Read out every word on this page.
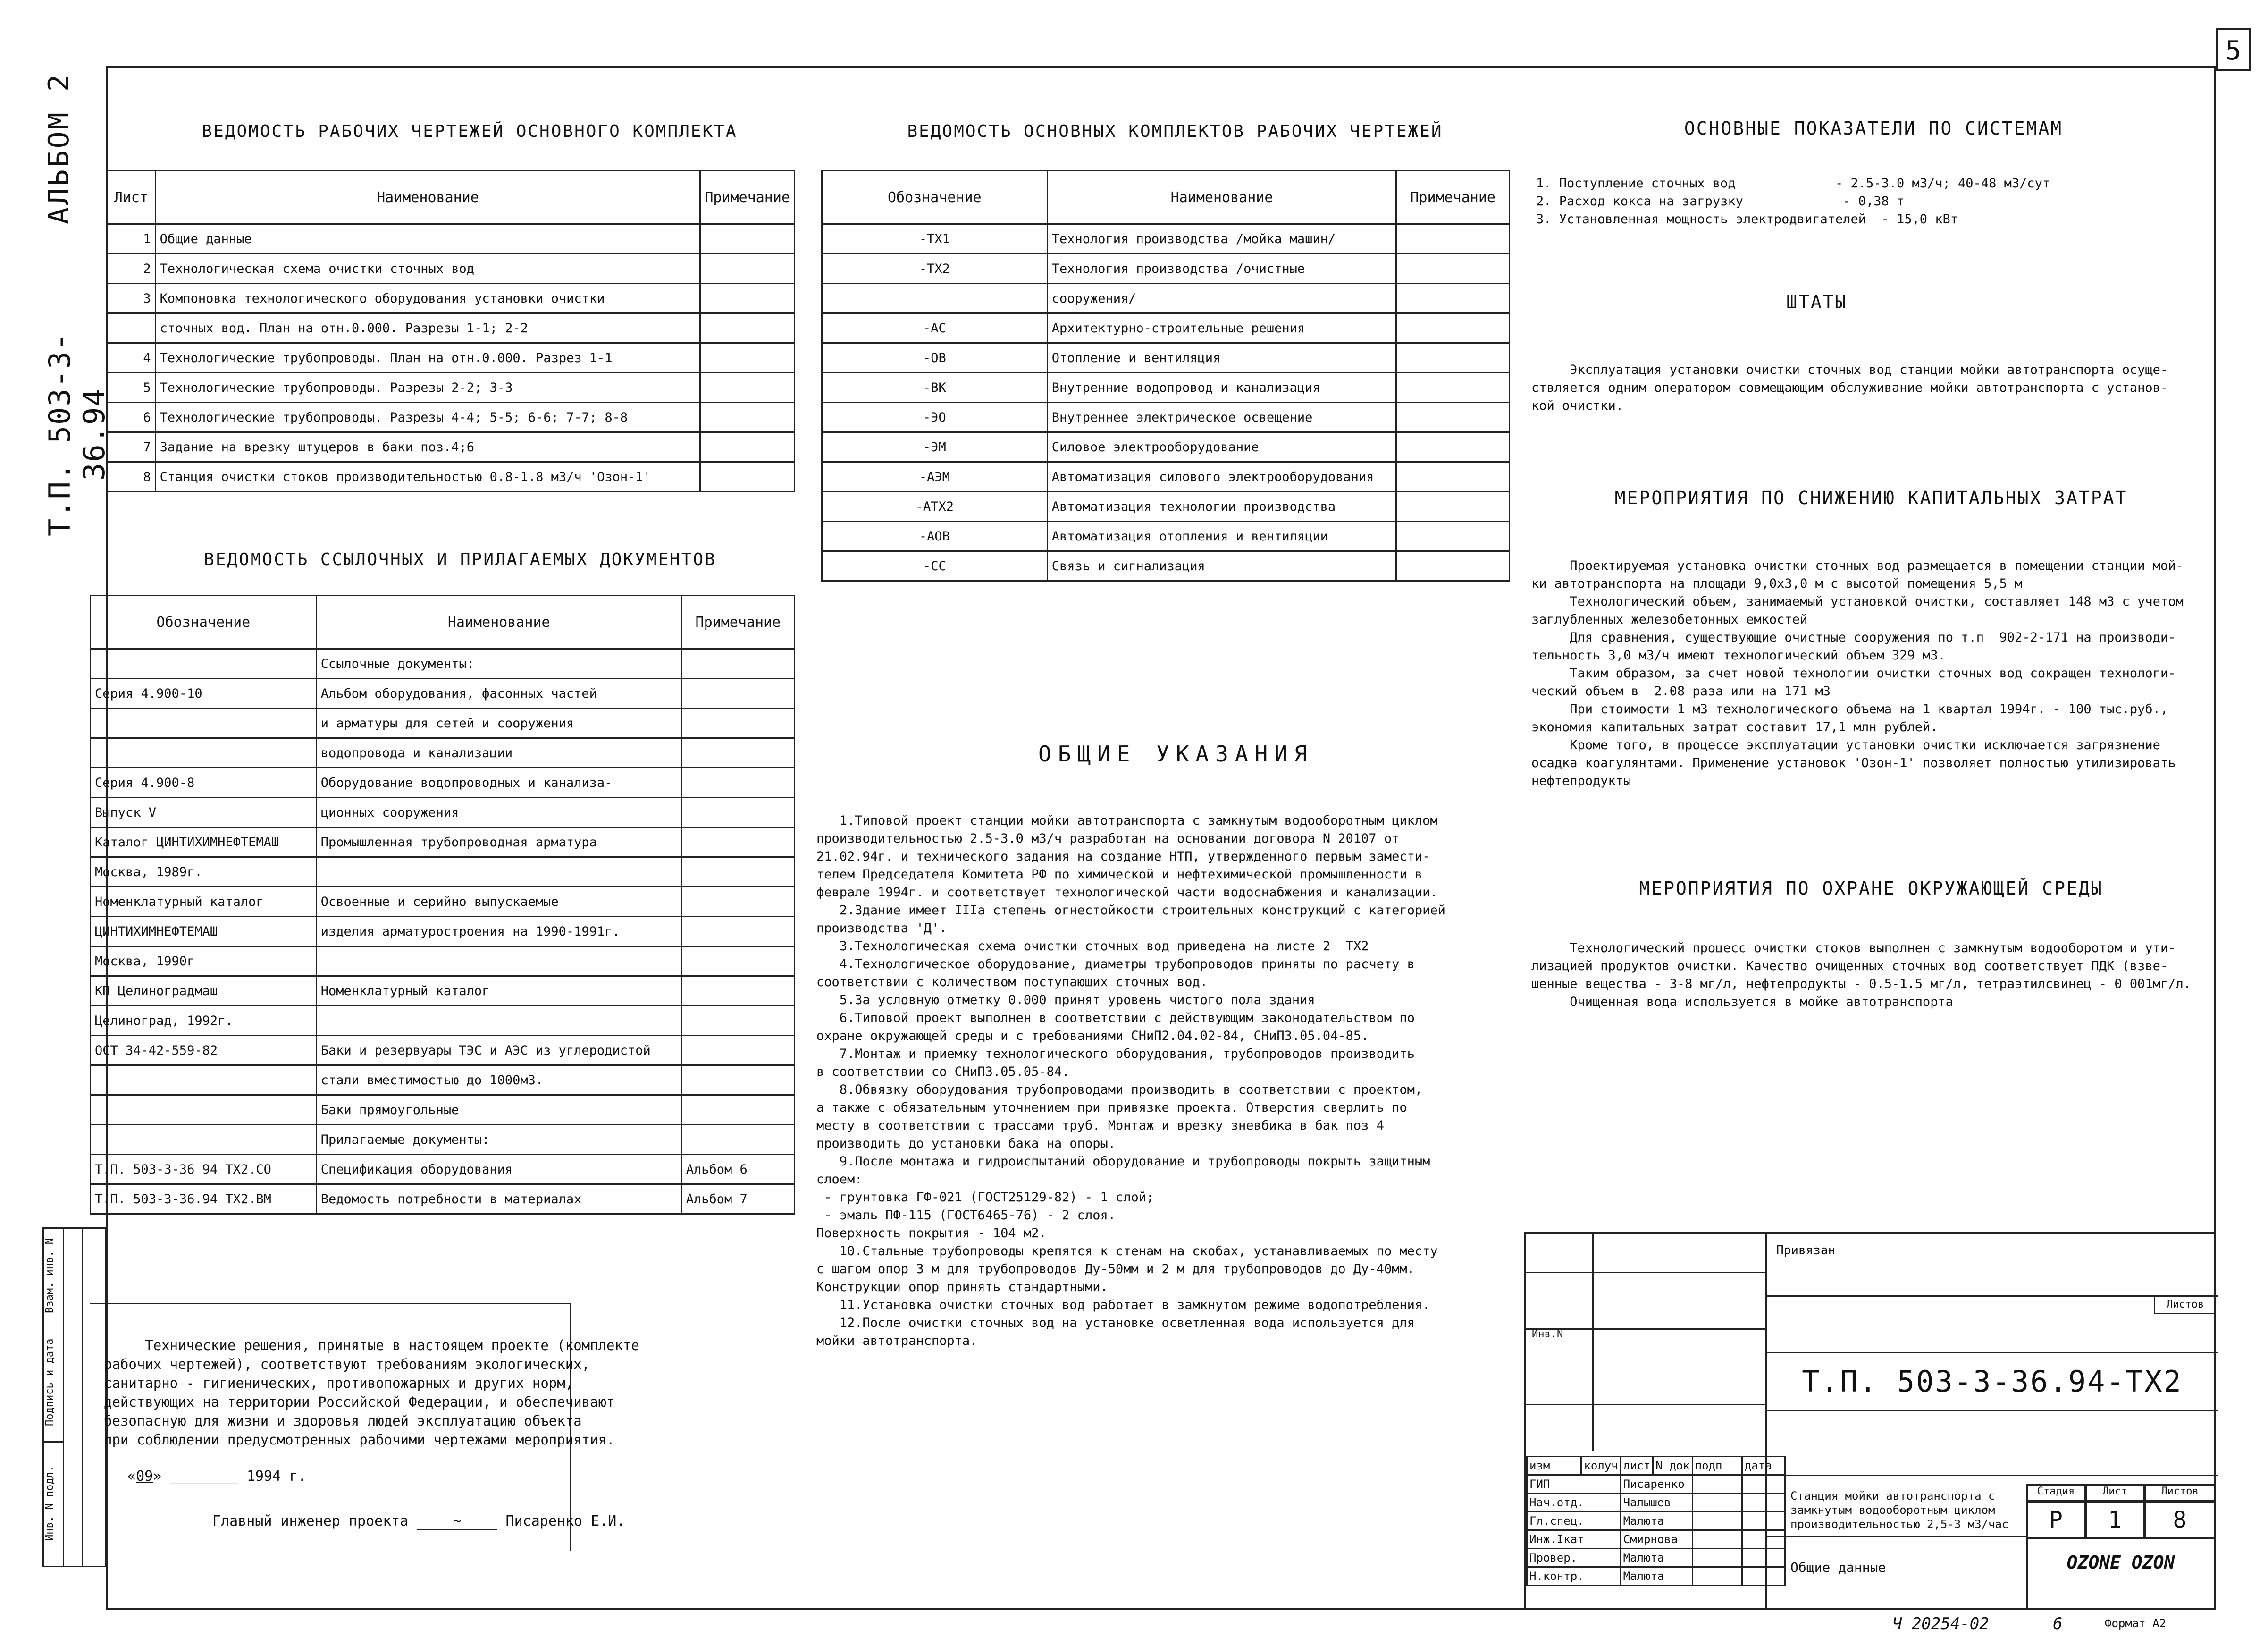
5
АЛЬБОМ 2
Т.П. 503-3-36.94
Взам. инв. N
Подпись и дата
Инв. N подл.
ВЕДОМОСТЬ РАБОЧИХ ЧЕРТЕЖЕЙ ОСНОВНОГО КОМПЛЕКТА
Лист	Наименование	Примечание
1	Общие данные	
2	Технологическая схема очистки сточных вод	
3	Компоновка технологического оборудования установки очистки	
	сточных вод. План на отн.0.000. Разрезы 1-1; 2-2	
4	Технологические трубопроводы. План на отн.0.000. Разрез 1-1	
5	Технологические трубопроводы. Разрезы 2-2; 3-3	
6	Технологические трубопроводы. Разрезы 4-4; 5-5; 6-6; 7-7; 8-8	
7	Задание на врезку штуцеров в баки поз.4;6	
8	Станция очистки стоков производительностью 0.8-1.8 м3/ч 'Озон-1'	
ВЕДОМОСТЬ ССЫЛОЧНЫХ И ПРИЛАГАЕМЫХ ДОКУМЕНТОВ
Обозначение	Наименование	Примечание
	Ссылочные документы:	
Серия 4.900-10	Альбом оборудования, фасонных частей	
	и арматуры для сетей и сооружения	
	водопровода и канализации	
Серия 4.900-8	Оборудование водопроводных и канализа-	
Выпуск V	ционных сооружения	
Каталог ЦИНТИХИМНЕФТЕМАШ	Промышленная трубопроводная арматура	
Москва, 1989г.		
Номенклатурный каталог	Освоенные и серийно выпускаемые	
ЦИНТИХИМНЕФТЕМАШ	изделия арматуростроения на 1990-1991г.	
Москва, 1990г		
КП Целиноградмаш	Номенклатурный каталог	
Целиноград, 1992г.		
ОСТ 34-42-559-82	Баки и резервуары ТЭС и АЭС из углеродистой	
	стали вместимостью до 1000м3.	
	Баки прямоугольные	
	Прилагаемые документы:	
Т.П. 503-3-36 94 ТХ2.СО	Спецификация оборудования	Альбом 6
Т.П. 503-3-36.94 ТХ2.ВМ	Ведомость потребности в материалах	Альбом 7
ВЕДОМОСТЬ ОСНОВНЫХ КОМПЛЕКТОВ РАБОЧИХ ЧЕРТЕЖЕЙ
Обозначение	Наименование	Примечание
-ТХ1	Технология производства /мойка машин/	
-ТХ2	Технология производства /очистные	
	сооружения/	
-АС	Архитектурно-строительные решения	
-ОВ	Отопление и вентиляция	
-ВК	Внутренние водопровод и канализация	
-ЭО	Внутреннее электрическое освещение	
-ЭМ	Силовое электрооборудование	
-АЭМ	Автоматизация силового электрооборудования	
-АТХ2	Автоматизация технологии производства	
-АОВ	Автоматизация отопления и вентиляции	
-СС	Связь и сигнализация	
ОБЩИЕ УКАЗАНИЯ
1.Типовой проект станции мойки автотранспорта с замкнутым водооборотным циклом
производительностью 2.5-3.0 м3/ч разработан на основании договора N 20107 от
21.02.94г. и технического задания на создание НТП, утвержденного первым замести-
телем Председателя Комитета РФ по химической и нефтехимической промышленности в
феврале 1994г. и соответствует технологической части водоснабжения и канализации.
2.Здание имеет IIIа степень огнестойкости строительных конструкций с категорией
производства 'Д'.
3.Технологическая схема очистки сточных вод приведена на листе 2  ТХ2
4.Технологическое оборудование, диаметры трубопроводов приняты по расчету в
соответствии с количеством поступающих сточных вод.
5.За условную отметку 0.000 принят уровень чистого пола здания
6.Типовой проект выполнен в соответствии с действующим законодательством по
охране окружающей среды и с требованиями СНиП2.04.02-84, СНиП3.05.04-85.
7.Монтаж и приемку технологического оборудования, трубопроводов производить
в соответствии со СНиП3.05.05-84.
8.Обвязку оборудования трубопроводами производить в соответствии с проектом,
а также с обязательным уточнением при привязке проекта. Отверстия сверлить по
месту в соответствии с трассами труб. Монтаж и врезку зневбика в бак поз 4
производить до установки бака на опоры.
9.После монтажа и гидроиспытаний оборудование и трубопроводы покрыть защитным
слоем:
- грунтовка ГФ-021 (ГОСТ25129-82) - 1 слой;
- эмаль ПФ-115 (ГОСТ6465-76) - 2 слоя.
Поверхность покрытия - 104 м2.
10.Стальные трубопроводы крепятся к стенам на скобах, устанавливаемых по месту
с шагом опор 3 м для трубопроводов Ду-50мм и 2 м для трубопроводов до Ду-40мм.
Конструкции опор принять стандартными.
11.Установка очистки сточных вод работает в замкнутом режиме водопотребления.
12.После очистки сточных вод на установке осветленная вода используется для
мойки автотранспорта.
ОСНОВНЫЕ ПОКАЗАТЕЛИ ПО СИСТЕМАМ
1. Поступление сточных вод             - 2.5-3.0 м3/ч; 40-48 м3/сут
2. Расход кокса на загрузку             - 0,38 т
3. Установленная мощность электродвигателей  - 15,0 кВт
ШТАТЫ
Эксплуатация установки очистки сточных вод станции мойки автотранспорта осуще-
ствляется одним оператором совмещающим обслуживание мойки автотранспорта с установ-
кой очистки.
МЕРОПРИЯТИЯ ПО СНИЖЕНИЮ КАПИТАЛЬНЫХ ЗАТРАТ
Проектируемая установка очистки сточных вод размещается в помещении станции мой-
ки автотранспорта на площади 9,0х3,0 м с высотой помещения 5,5 м
Технологический объем, занимаемый установкой очистки, составляет 148 м3 с учетом
заглубленных железобетонных емкостей
Для сравнения, существующие очистные сооружения по т.п  902-2-171 на производи-
тельность 3,0 м3/ч имеют технологический объем 329 м3.
Таким образом, за счет новой технологии очистки сточных вод сокращен технологи-
ческий объем в  2.08 раза или на 171 м3
При стоимости 1 м3 технологического объема на 1 квартал 1994г. - 100 тыс.руб.,
экономия капитальных затрат составит 17,1 млн рублей.
Кроме того, в процессе эксплуатации установки очистки исключается загрязнение
осадка коагулянтами. Применение установок 'Озон-1' позволяет полностью утилизировать
нефтепродукты
МЕРОПРИЯТИЯ ПО ОХРАНЕ ОКРУЖАЮЩЕЙ СРЕДЫ
Технологический процесс очистки стоков выполнен с замкнутым водооборотом и ути-
лизацией продуктов очистки. Качество очищенных сточных вод соответствует ПДК (взве-
шенные вещества - 3-8 мг/л, нефтепродукты - 0.5-1.5 мг/л, тетраэтилсвинец - 0 001мг/л.
Очищенная вода используется в мойке автотранспорта
Технические решения, принятые в настоящем проекте (комплекте
рабочих чертежей), соответствуют требованиям экологических,
санитарно - гигиенических, противопожарных и других норм,
действующих на территории Российской Федерации, и обеспечивают
безопасную для жизни и здоровья людей эксплуатацию объекта
при соблюдении предусмотренных рабочими чертежами мероприятия.
«09» ________ 1994 г.
Главный инженер проекта	~	Писаренко Е.И.
Инв.N
Привязан
Листов
Т.П. 503-3-36.94-ТХ2
изм	колуч	лист	N док	подп	дата
ГИП		Писаренко			
Нач.отд.		Чалышев			
Гл.спец.		Малюта			
Инж.Iкат		Смирнова			
Провер.		Малюта			
Н.контр.		Малюта			
Станция мойки автотранспорта с
замкнутым водооборотным циклом
производительностью 2,5-3 м3/час
Стадия	Лист	Листов
Р	1	8
OZONE OZON
Общие данные
Ч 20254-02	6	Формат А2
